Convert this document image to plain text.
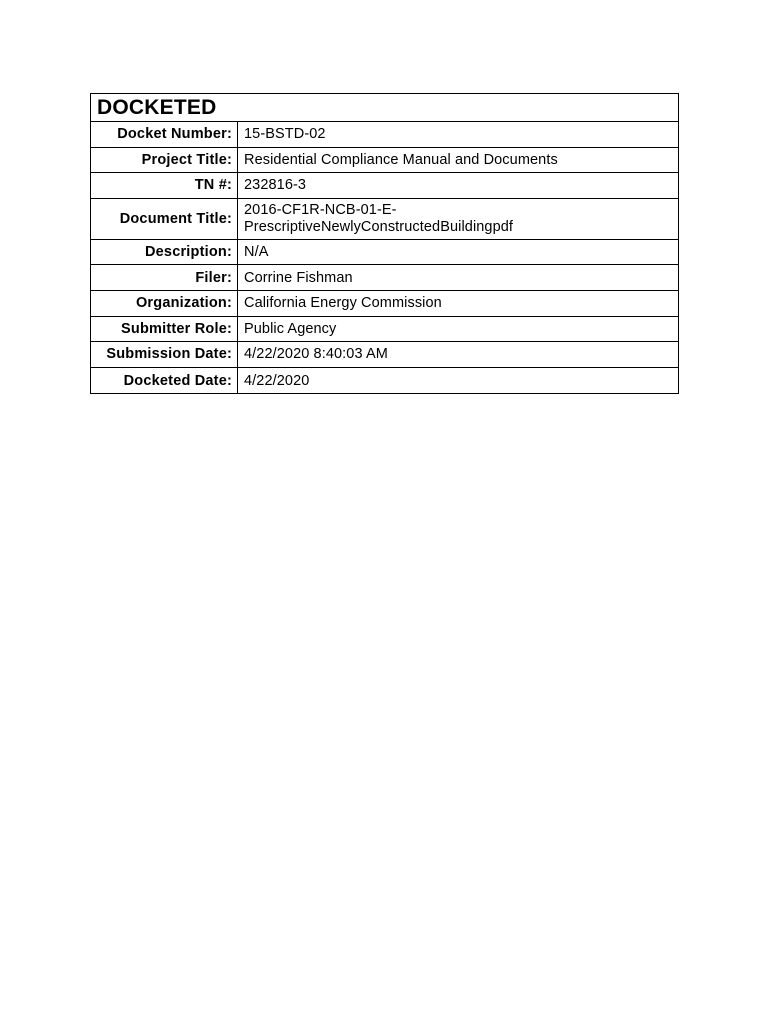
DOCKETED
Docket Number: 15-BSTD-02
Project Title: Residential Compliance Manual and Documents
TN #: 232816-3
Document Title:
2016-CF1R-NCB-01-E-
PrescriptiveNewlyConstructedBuildingpdf
Description: N/A
Filer: Corrine Fishman
Organization: California Energy Commission
Submitter Role: Public Agency
Submission Date: 4/22/2020 8:40:03 AM
Docketed Date: 4/22/2020
